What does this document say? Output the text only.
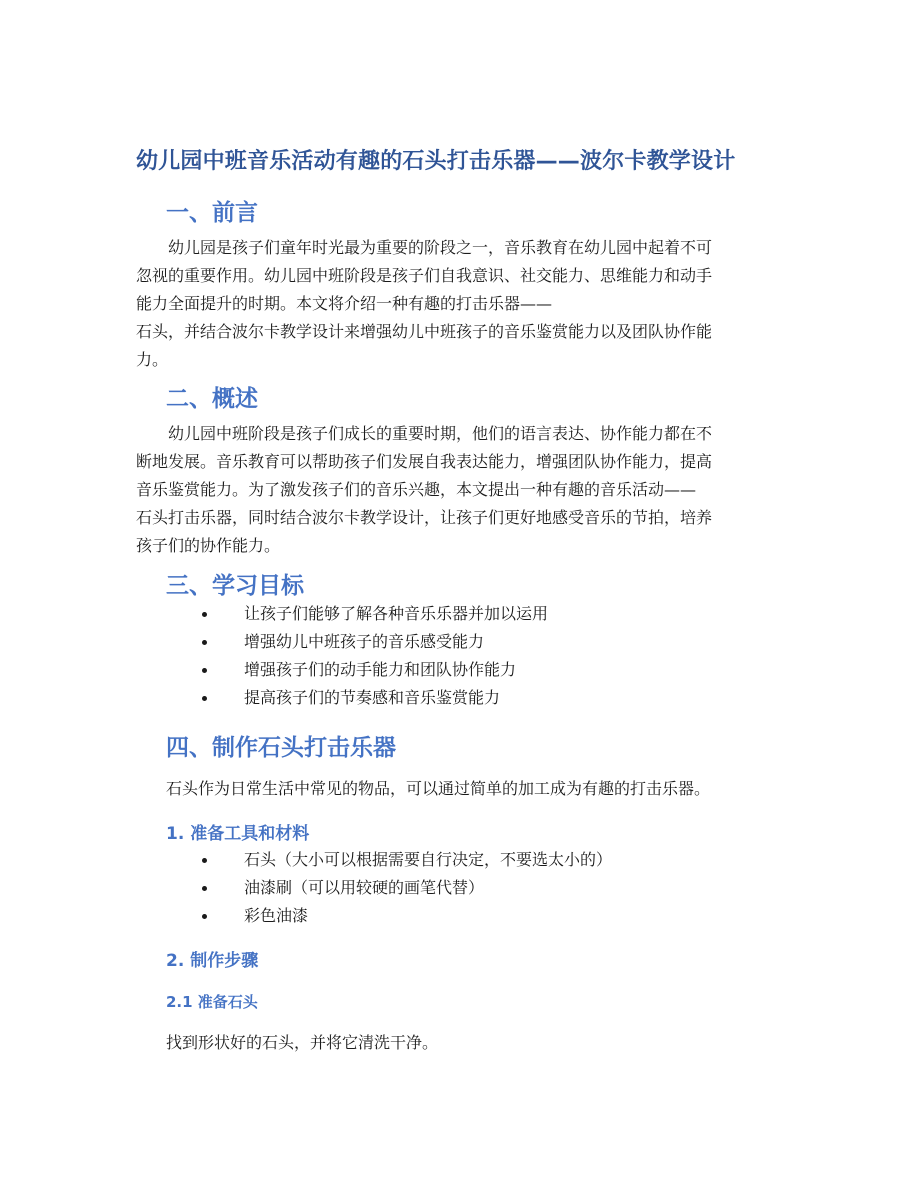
幼儿园中班音乐活动有趣的石头打击乐器——波尔卡教学设计
一、前言
幼儿园是孩子们童年时光最为重要的阶段之一，音乐教育在幼儿园中起着不可
忽视的重要作用。幼儿园中班阶段是孩子们自我意识、社交能力、思维能力和动手
能力全面提升的时期。本文将介绍一种有趣的打击乐器——
石头，并结合波尔卡教学设计来增强幼儿中班孩子的音乐鉴赏能力以及团队协作能
力。
二、概述
幼儿园中班阶段是孩子们成长的重要时期，他们的语言表达、协作能力都在不
断地发展。音乐教育可以帮助孩子们发展自我表达能力，增强团队协作能力，提高
音乐鉴赏能力。为了激发孩子们的音乐兴趣，本文提出一种有趣的音乐活动——
石头打击乐器，同时结合波尔卡教学设计，让孩子们更好地感受音乐的节拍，培养
孩子们的协作能力。
三、学习目标
让孩子们能够了解各种音乐乐器并加以运用
增强幼儿中班孩子的音乐感受能力
增强孩子们的动手能力和团队协作能力
提高孩子们的节奏感和音乐鉴赏能力
四、制作石头打击乐器

石头作为日常生活中常见的物品，可以通过简单的加工成为有趣的打击乐器。

1. 准备工具和材料
石头（大小可以根据需要自行决定，不要选太小的）
油漆刷（可以用较硬的画笔代替）
彩色油漆
2. 制作步骤
2.1 准备石头

找到形状好的石头，并将它清洗干净。
